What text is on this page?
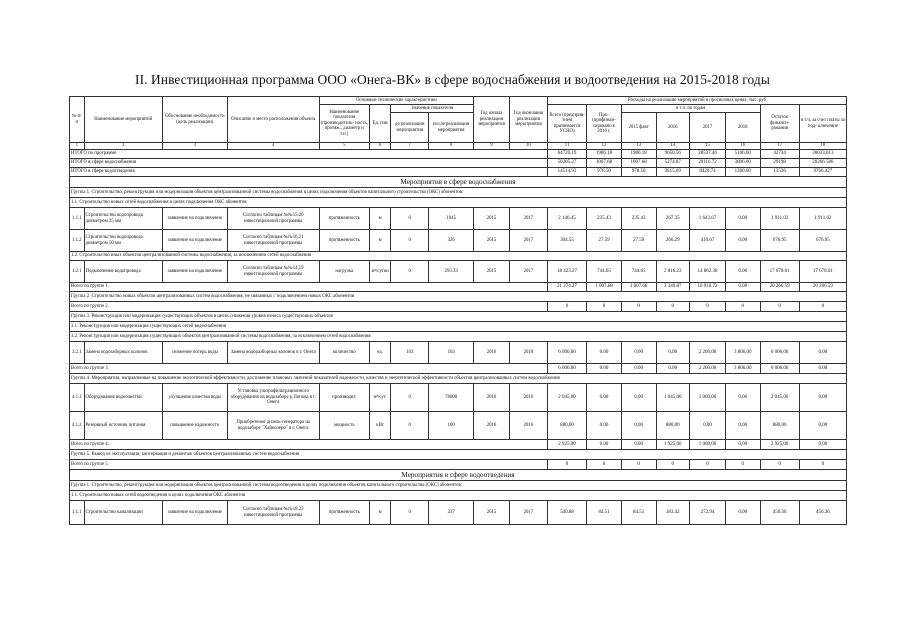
II. Инвестиционная программа ООО «Онега-ВК» в сфере водоснабжения и водоотведения на 2015-2018 годы
№ п/п	Наименование мероприятий	Обоснование необходимости (цель реализации)	Описание и место расположения объекта	Основные технические характеристики				Год начала реализации мероприятия	Год окончания реализации мероприятия	Расходы на реализацию мероприятий в прогнозных ценах, тыс. руб							
				Наименование показателя (производитель- ность, протяж., диаметр и т.п.)	Ед. изм	Значение показателя				Всего (предприя- тием принимается УСНО)	Про- (профинан- сировано к 2016 г.	в т.ч. по годам				Остаток финанси- рования	в т.ч. за счет платы за под- ключение
						до реализации мероприятия	после реализации мероприятия					2015 факт	2016	2017	2018		
1	2	3	4	5	6	7	8	9	10	11	12	13	14	15	16	17	18
ИТОГО по программе										64720.19	1986.18	1986.18	9050.56	28537.46	5106.00	42734	30033,013
ИТОГО в сфере водоснабжения										50205.27	1007.68	1007.68	5274.87	20116.72	3806.00	29198	20266.586
ИТОГО в сфере водоотведения										14514.93	978.50	978.50	3815.69	8420.74	1300.00	13536	9766.427
Мероприятия в сфере водоснабжения																	
Группа 1. Строительство, реконструкция или модернизация объектов централизованной системы водоснабжения в целях подключения объектов капитального строительства (ОКС) абонентов:																	
1.1. Строительство новых сетей водоснабжения в целях подключения ОКС абонентов																	
1.1.1	Строительство водопровода диаметром 25 мм	заявление на подключение	Согласно таблицам №№15.20 инвестиционной программы	протяженность	м	0	1945	2015	2017	2 146.45	235.43	235.43	267.35	1 643.67	0.00	1 911.02	1 911.02
1.1.2	Строительство водопровода диаметром 50 мм	заявление на подключение	Согласно таблицам №№16.21 инвестиционной программы	протяженность	м	0	326	2015	2017	304.55	27.59	27.59	266.29	410.67	0,00	676.95	676.95
1.2. Строительство иных объектов централизованной системы водоснабжения, за исключением сетей водоснабжения																	
1.2.1	Подключение водопровода	заявление на подключение	Согласно таблицам №№14,19 инвестиционной программы	нагрузка	м³/сутки	0	293.33	2015	2017	18 423.27	744.65	744.65	2 816.23	14 862.38	0.00	17 678.61	17 678.61
Всего по группе 1.										21 274.27	1 007.68	1 007.68	3 349.87	16 916.72	0.00	20 266.59	20 266.59
Группа 2. Строительство новых объектов централизованных систем водоснабжения, не связанных с подключением новых ОКС абонентов																	
Всего по группе 2.										0	0	0	0	0	0	0	0
Группа 3. Реконструкция или модернизация существующих объектов в целях снижения уровня износа существующих объектов																	
3.1. Реконструкция или модернизация существующих сетей водоснабжения																	
3.2. Реконструкция или модернизация существующих объектов централизованной системы водоснабжения, за исключением сетей водоснабжения																	
3.2.1	Замена водозаборных колонок	снижение потерь воды	Замена водоразборных колонок в г. Онега	количество	ед.	103	103	2016	2018	6 006,00	0.00	0,00	0,00	2 200,00	3 806,00	6 006,00	0,00
Всего по группе 3.										6 006.00	0.00	0.00	0.00	2 200.00	3 806.00	6 006.00	0.00
Группа 4. Мероприятия, направленные на повышение экологической эффективности, достижение плановых значений показателей надежности, качества и энергетической эффективности объектов централизованных систем водоснабжения																	
4.1.1	Оборудование водоочистки	улучшение качества воды	Установка ультрафильтрационного оборудования на водозаборе р Попова в г. Онега	производит.	м³/сут.	0	70000	2016	2016	2 045,00	0.00	0,00	1 045,00	1 000,00	0,00	2 045,00	0,00
4.1.2	Резервный источник питания	повышение надежности	Приобретение дизель-генератора на водозаборе "Хайнозеро" в г. Онега	мощность	кВт	0	100	2016	2016	880,00	0.00	0,00	880,00	0,00	0,00	880,00	0,00
Всего по группе 4.										2 925,00	0.00	0.00	1 925,00	1 000,00	0,00	2 925,00	0,00
Группа 5. Вывод из эксплуатации, консервация и демонтаж объектов централизованных систем водоснабжения																	
Всего по группе 5.										0	0	0	0	0	0	0	0
Мероприятия в сфере водоотведения																	
Группа 1. Строительство, реконструкция или модернизация объектов централизованной системы водоотведения в целях подключения объектов капитального строительства (ОКС) абонентов:																	
1.1. Строительство новых сетей водоотведения в целях подключения ОКС абонентов																	
1.1.1	Строительство канализации	заявление на подключение	Согласно таблицам №№18.23 инвестиционной программы	протяженность	м	0	237	2015	2017	540.88	84.51	84.51	183.42	272.94	0,00	456.36	456.36
